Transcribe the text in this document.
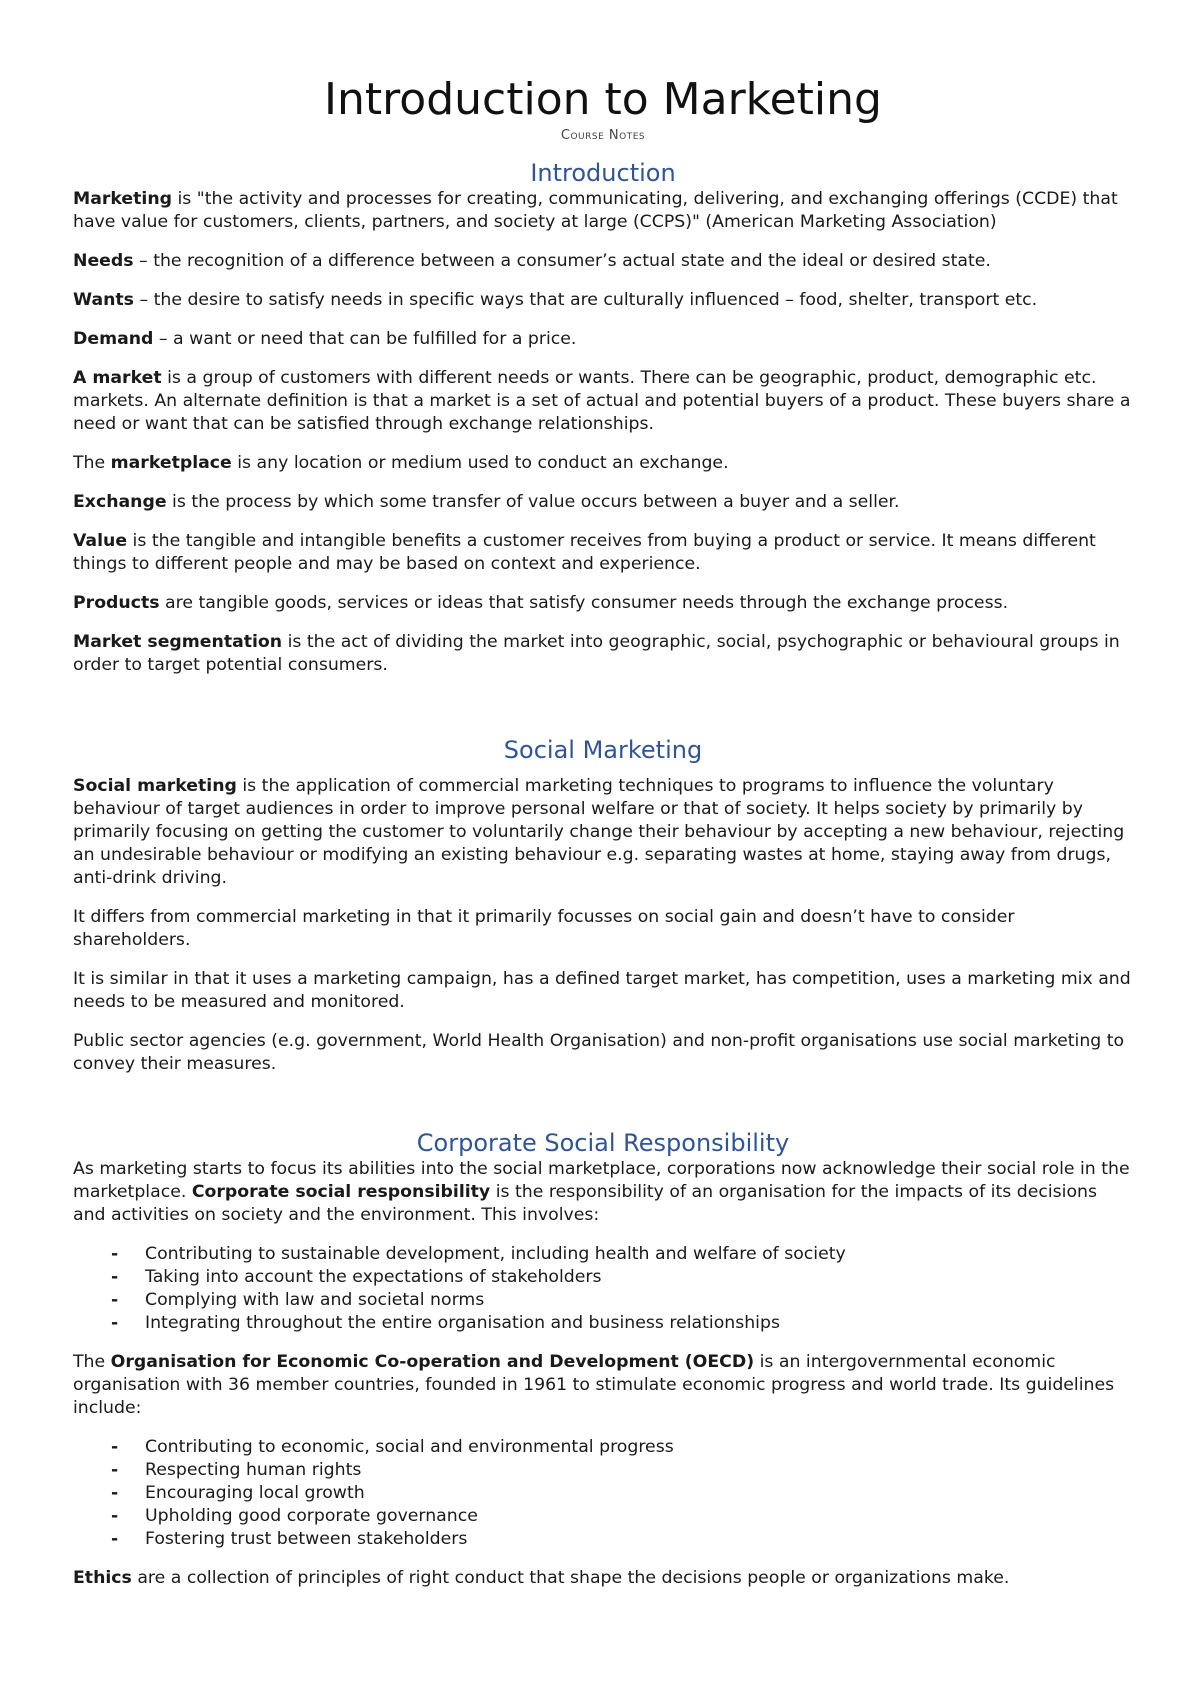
Introduction to Marketing
Course Notes
Introduction

Marketing is "the activity and processes for creating, communicating, delivering, and exchanging offerings (CCDE) that have value for customers, clients, partners, and society at large (CCPS)" (American Marketing Association)

Needs – the recognition of a difference between a consumer’s actual state and the ideal or desired state.

Wants – the desire to satisfy needs in specific ways that are culturally influenced – food, shelter, transport etc.

Demand – a want or need that can be fulfilled for a price.

A market is a group of customers with different needs or wants. There can be geographic, product, demographic etc. markets. An alternate definition is that a market is a set of actual and potential buyers of a product. These buyers share a need or want that can be satisfied through exchange relationships.

The marketplace is any location or medium used to conduct an exchange.

Exchange is the process by which some transfer of value occurs between a buyer and a seller.

Value is the tangible and intangible benefits a customer receives from buying a product or service. It means different things to different people and may be based on context and experience.

Products are tangible goods, services or ideas that satisfy consumer needs through the exchange process.

Market segmentation is the act of dividing the market into geographic, social, psychographic or behavioural groups in order to target potential consumers.

Social Marketing

Social marketing is the application of commercial marketing techniques to programs to influence the voluntary behaviour of target audiences in order to improve personal welfare or that of society. It helps society by primarily by primarily focusing on getting the customer to voluntarily change their behaviour by accepting a new behaviour, rejecting an undesirable behaviour or modifying an existing behaviour e.g. separating wastes at home, staying away from drugs, anti-drink driving.

It differs from commercial marketing in that it primarily focusses on social gain and doesn’t have to consider shareholders.

It is similar in that it uses a marketing campaign, has a defined target market, has competition, uses a marketing mix and needs to be measured and monitored.

Public sector agencies (e.g. government, World Health Organisation) and non-profit organisations use social marketing to convey their measures.

Corporate Social Responsibility

As marketing starts to focus its abilities into the social marketplace, corporations now acknowledge their social role in the marketplace. Corporate social responsibility is the responsibility of an organisation for the impacts of its decisions and activities on society and the environment. This involves:

- Contributing to sustainable development, including health and welfare of society
- Taking into account the expectations of stakeholders
- Complying with law and societal norms
- Integrating throughout the entire organisation and business relationships

The Organisation for Economic Co-operation and Development (OECD) is an intergovernmental economic organisation with 36 member countries, founded in 1961 to stimulate economic progress and world trade. Its guidelines include:

- Contributing to economic, social and environmental progress
- Respecting human rights
- Encouraging local growth
- Upholding good corporate governance
- Fostering trust between stakeholders

Ethics are a collection of principles of right conduct that shape the decisions people or organizations make.
